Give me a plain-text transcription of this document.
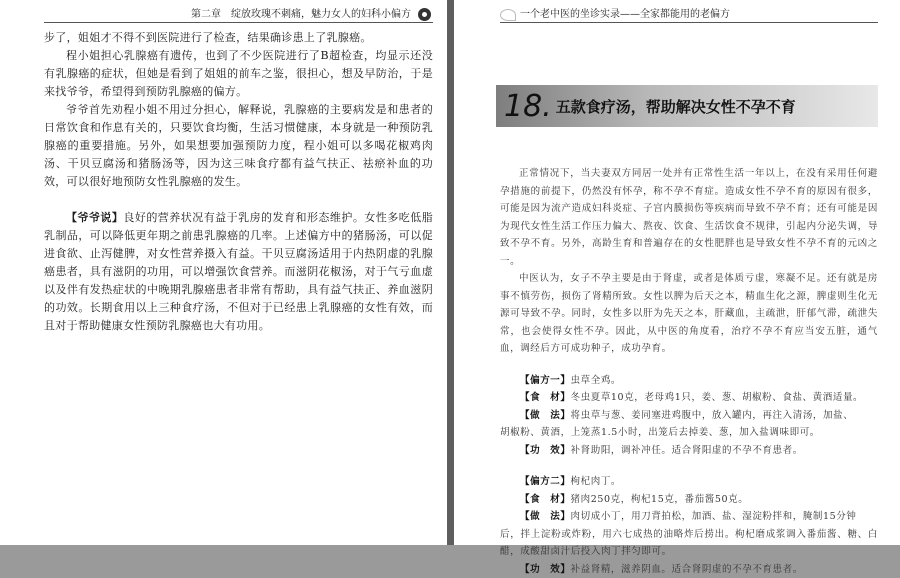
第二章　绽放玫瑰不刺痛，魅力女人的妇科小偏方

步了，姐姐才不得不到医院进行了检查，结果确诊患上了乳腺癌。

程小姐担心乳腺癌有遗传，也到了不少医院进行了B超检查，均显示还没有乳腺癌的症状，但她是看到了姐姐的前车之鉴，很担心，想及早防治，于是来找爷爷，希望得到预防乳腺癌的偏方。

爷爷首先劝程小姐不用过分担心，解释说，乳腺癌的主要病发是和患者的日常饮食和作息有关的，只要饮食均衡，生活习惯健康，本身就是一种预防乳腺癌的重要措施。另外，如果想要加强预防力度，程小姐可以多喝花椒鸡肉汤、干贝豆腐汤和猪肠汤等，因为这三味食疗都有益气扶正、祛瘀补血的功效，可以很好地预防女性乳腺癌的发生。

【爷爷说】良好的营养状况有益于乳房的发育和形态维护。女性多吃低脂乳制品，可以降低更年期之前患乳腺癌的几率。上述偏方中的猪肠汤，可以促进食欲、止泻健脾，对女性营养摄入有益。干贝豆腐汤适用于内热阴虚的乳腺癌患者，具有滋阴的功用，可以增强饮食营养。而滋阴花椒汤，对于气亏血虚以及伴有发热症状的中晚期乳腺癌患者非常有帮助，具有益气扶正、养血滋阴的功效。长期食用以上三种食疗汤，不但对于已经患上乳腺癌的女性有效，而且对于帮助健康女性预防乳腺癌也大有功用。

一个老中医的坐诊实录——全家都能用的老偏方
18. 五款食疗汤，帮助解决女性不孕不育

正常情况下，当夫妻双方同居一处并有正常性生活一年以上，在没有采用任何避孕措施的前提下，仍然没有怀孕，称不孕不育症。造成女性不孕不育的原因有很多，可能是因为流产造成妇科炎症、子宫内膜损伤等疾病而导致不孕不育；还有可能是因为现代女性生活工作压力偏大、熬夜、饮食、生活饮食不规律，引起内分泌失调，导致不孕不育。另外，高龄生育和普遍存在的女性肥胖也是导致女性不孕不育的元凶之一。

中医认为，女子不孕主要是由于肾虚，或者是体质亏虚，寒凝不足。还有就是房事不慎劳伤，损伤了肾精所致。女性以脾为后天之本，精血生化之源，脾虚则生化无源可导致不孕。同时，女性多以肝为先天之本，肝藏血，主疏泄，肝郁气滞，疏泄失常，也会使得女性不孕。因此，从中医的角度看，治疗不孕不育应当安五脏，通气血，调经后方可成功种子，成功孕育。

【偏方一】虫草全鸡。

【食　材】冬虫夏草10克，老母鸡1只，姜、葱、胡椒粉、食盐、黄酒适量。

【做　法】将虫草与葱、姜同塞进鸡腹中，放入罐内，再注入清汤，加盐、

胡椒粉、黄酒，上笼蒸1.5小时，出笼后去掉姜、葱，加入盐调味即可。

【功　效】补肾助阳，调补冲任。适合肾阳虚的不孕不育患者。

【偏方二】枸杞肉丁。

【食　材】猪肉250克，枸杞15克，番茄酱50克。

【做　法】肉切成小丁，用刀背拍松，加酒、盐、湿淀粉拌和，腌制15分钟

后，拌上淀粉或炸粉，用六七成热的油略炸后捞出。枸杞磨成浆调入番茄酱、糖、白醋，成酸甜卤汁后投入肉丁拌匀即可。

【功　效】补益肾精，滋养阴血。适合肾阴虚的不孕不育患者。
